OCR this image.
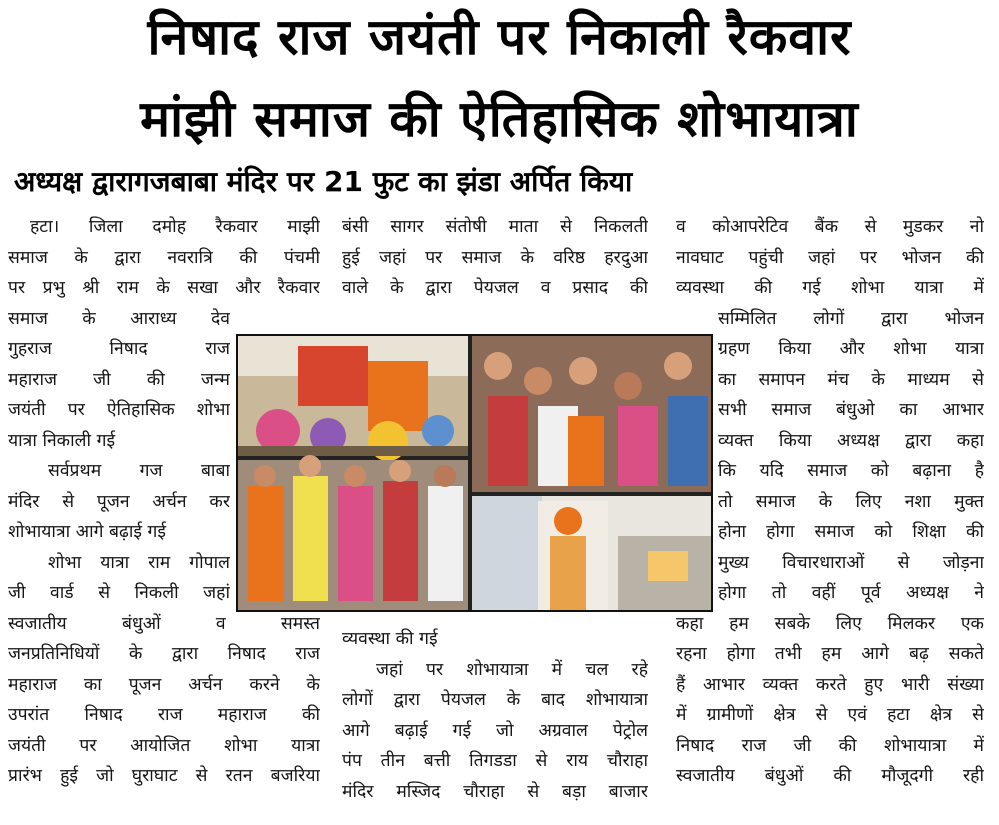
निषाद राज जयंती पर निकाली रैकवार
मांझी समाज की ऐतिहासिक शोभायात्रा
अध्यक्ष द्वारागजबाबा मंदिर पर 21 फुट का झंडा अर्पित किया
हटा। जिला दमोह रैकवार माझी
समाज के द्वारा नवरात्रि की पंचमी
पर प्रभु श्री राम के सखा और रैकवार
समाज के आराध्य देव
गुहराज निषाद राज
महाराज जी की जन्म
जयंती पर ऐतिहासिक शोभा
यात्रा निकाली गई
सर्वप्रथम गज बाबा
मंदिर से पूजन अर्चन कर
शोभायात्रा आगे बढ़ाई गई
शोभा यात्रा राम गोपाल
जी वार्ड से निकली जहां
स्वजातीय बंधुओं व समस्त
जनप्रतिनिधियों के द्वारा निषाद राज
महाराज का पूजन अर्चन करने के
उपरांत निषाद राज महाराज की
जयंती पर आयोजित शोभा यात्रा
प्रारंभ हुई जो घुराघाट से रतन बजरिया
बंसी सागर संतोषी माता से निकलती
हुई जहां पर समाज के वरिष्ठ हरदुआ
वाले के द्वारा पेयजल व प्रसाद की
व कोआपरेटिव बैंक से मुडकर नो
नावघाट पहुंची जहां पर भोजन की
व्यवस्था की गई शोभा यात्रा में
सम्मिलित लोगों द्वारा भोजन
ग्रहण किया और शोभा यात्रा
का समापन मंच के माध्यम से
सभी समाज बंधुओ का आभार
व्यक्त किया अध्यक्ष द्वारा कहा
कि यदि समाज को बढ़ाना है
तो समाज के लिए नशा मुक्त
होना होगा समाज को शिक्षा की
मुख्य विचारधाराओं से जोड़ना
होगा तो वहीं पूर्व अध्यक्ष ने
कहा हम सबके लिए मिलकर एक
रहना होगा तभी हम आगे बढ़ सकते
हैं आभार व्यक्त करते हुए भारी संख्या
में ग्रामीणों क्षेत्र से एवं हटा क्षेत्र से
निषाद राज जी की शोभायात्रा में
स्वजातीय बंधुओं की मौजूदगी रही
व्यवस्था की गई
जहां पर शोभायात्रा में चल रहे
लोगों द्वारा पेयजल के बाद शोभायात्रा
आगे बढ़ाई गई जो अग्रवाल पेट्रोल
पंप तीन बत्ती तिगडडा से राय चौराहा
मंदिर मस्जिद चौराहा से बड़ा बाजार
